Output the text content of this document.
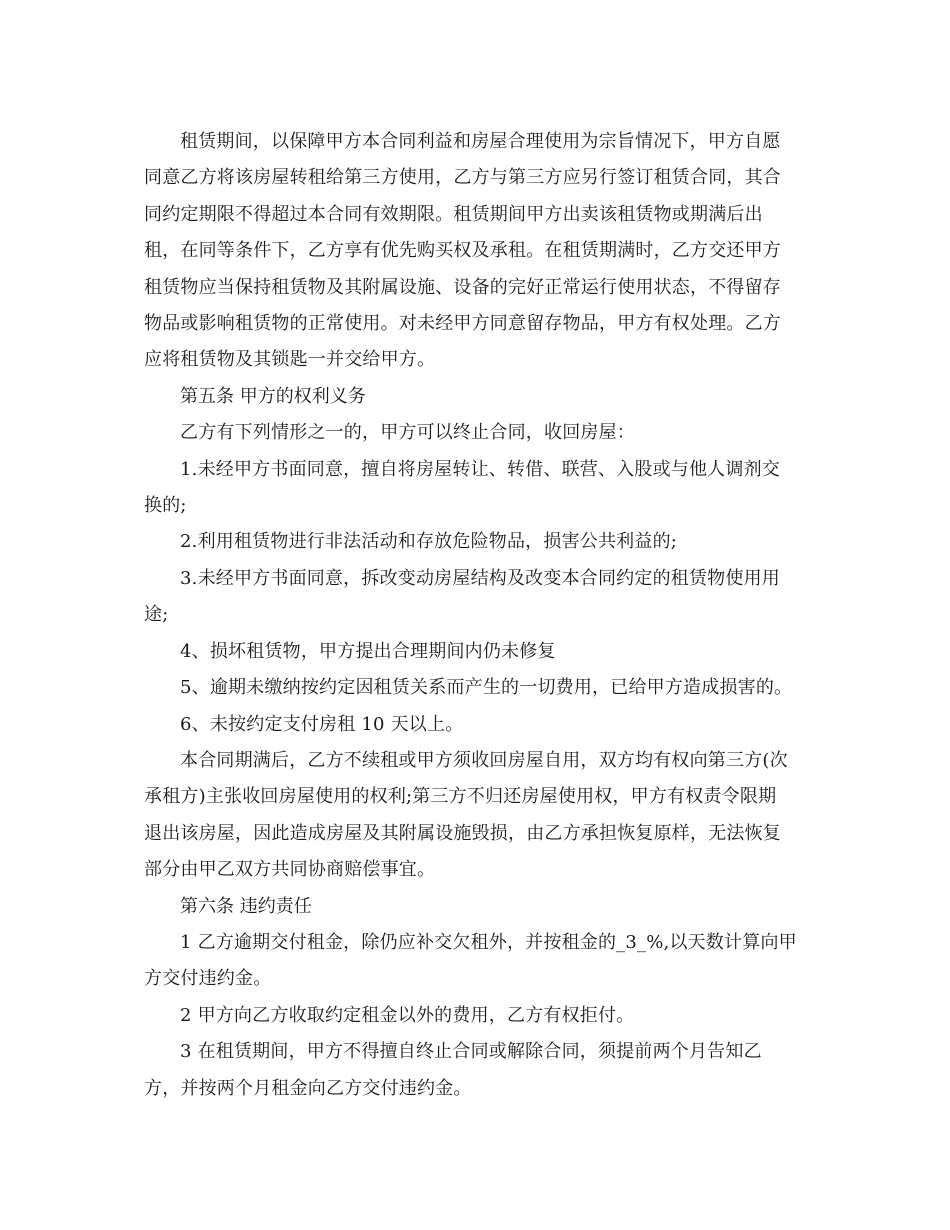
租赁期间，以保障甲方本合同利益和房屋合理使用为宗旨情况下，甲方自愿
同意乙方将该房屋转租给第三方使用，乙方与第三方应另行签订租赁合同，其合
同约定期限不得超过本合同有效期限。租赁期间甲方出卖该租赁物或期满后出
租，在同等条件下，乙方享有优先购买权及承租。在租赁期满时，乙方交还甲方
租赁物应当保持租赁物及其附属设施、设备的完好正常运行使用状态，不得留存
物品或影响租赁物的正常使用。对未经甲方同意留存物品，甲方有权处理。乙方
应将租赁物及其锁匙一并交给甲方。

第五条 甲方的权利义务

乙方有下列情形之一的，甲方可以终止合同，收回房屋：

1.未经甲方书面同意，擅自将房屋转让、转借、联营、入股或与他人调剂交
换的;

2.利用租赁物进行非法活动和存放危险物品，损害公共利益的;

3.未经甲方书面同意，拆改变动房屋结构及改变本合同约定的租赁物使用用
途;

4、损坏租赁物，甲方提出合理期间内仍未修复

5、逾期未缴纳按约定因租赁关系而产生的一切费用，已给甲方造成损害的。

6、未按约定支付房租 10 天以上。

本合同期满后，乙方不续租或甲方须收回房屋自用，双方均有权向第三方(次
承租方)主张收回房屋使用的权利;第三方不归还房屋使用权，甲方有权责令限期
退出该房屋，因此造成房屋及其附属设施毁损，由乙方承担恢复原样，无法恢复
部分由甲乙双方共同协商赔偿事宜。

第六条 违约责任

1 乙方逾期交付租金，除仍应补交欠租外，并按租金的_3_%,以天数计算向甲
方交付违约金。

2 甲方向乙方收取约定租金以外的费用，乙方有权拒付。

3 在租赁期间，甲方不得擅自终止合同或解除合同，须提前两个月告知乙
方，并按两个月租金向乙方交付违约金。
